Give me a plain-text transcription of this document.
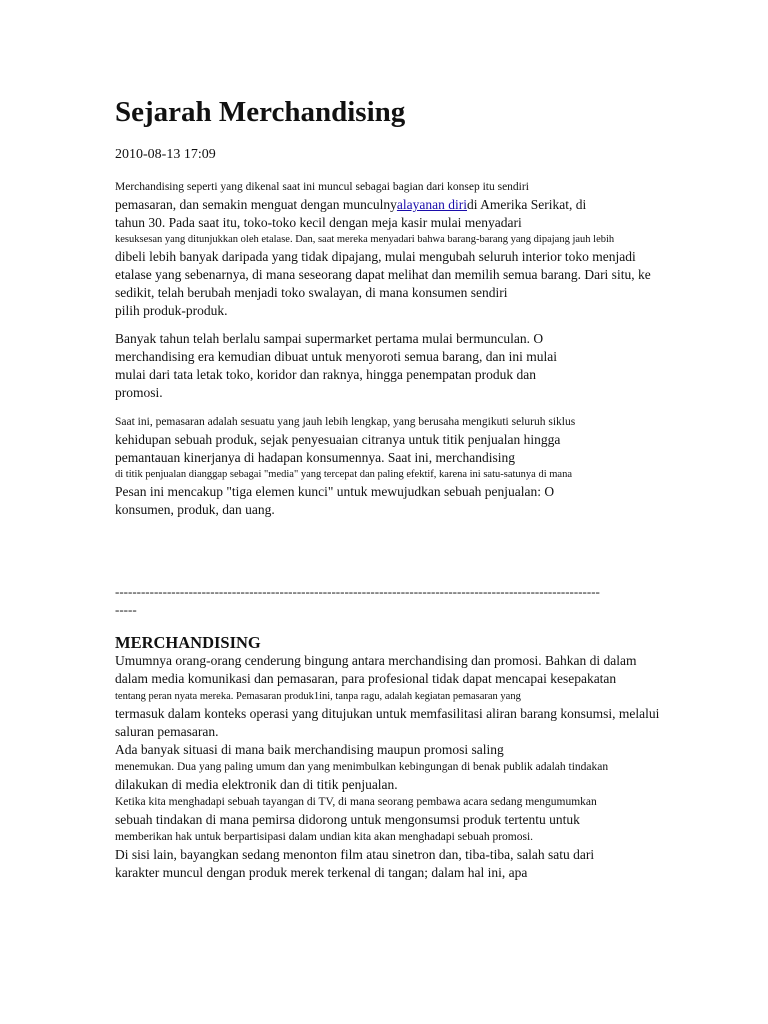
Sejarah Merchandising
2010-08-13 17:09
Merchandising seperti yang dikenal saat ini muncul sebagai bagian dari konsep itu sendiri
pemasaran, dan semakin menguat dengan munculnyalayanan diridi Amerika Serikat, di
tahun 30. Pada saat itu, toko-toko kecil dengan meja kasir mulai menyadari
kesuksesan yang ditunjukkan oleh etalase. Dan, saat mereka menyadari bahwa barang-barang yang dipajang jauh lebih
dibeli lebih banyak daripada yang tidak dipajang, mulai mengubah seluruh interior toko menjadi
etalase yang sebenarnya, di mana seseorang dapat melihat dan memilih semua barang. Dari situ, ke
sedikit, telah berubah menjadi toko swalayan, di mana konsumen sendiri
pilih produk-produk.
Banyak tahun telah berlalu sampai supermarket pertama mulai bermunculan. O
merchandising era kemudian dibuat untuk menyoroti semua barang, dan ini mulai
mulai dari tata letak toko, koridor dan raknya, hingga penempatan produk dan
promosi.
Saat ini, pemasaran adalah sesuatu yang jauh lebih lengkap, yang berusaha mengikuti seluruh siklus
kehidupan sebuah produk, sejak penyesuaian citranya untuk titik penjualan hingga
pemantauan kinerjanya di hadapan konsumennya. Saat ini, merchandising
di titik penjualan dianggap sebagai "media" yang tercepat dan paling efektif, karena ini satu-satunya di mana
Pesan ini mencakup "tiga elemen kunci" untuk mewujudkan sebuah penjualan: O
konsumen, produk, dan uang.
----------------------------------------------------------------------------------------------------------------
-----
MERCHANDISING
Umumnya orang-orang cenderung bingung antara merchandising dan promosi. Bahkan di dalam
dalam media komunikasi dan pemasaran, para profesional tidak dapat mencapai kesepakatan
tentang peran nyata mereka. Pemasaran produk1ini, tanpa ragu, adalah kegiatan pemasaran yang
termasuk dalam konteks operasi yang ditujukan untuk memfasilitasi aliran barang konsumsi, melalui
saluran pemasaran.
Ada banyak situasi di mana baik merchandising maupun promosi saling
menemukan. Dua yang paling umum dan yang menimbulkan kebingungan di benak publik adalah tindakan
dilakukan di media elektronik dan di titik penjualan.
Ketika kita menghadapi sebuah tayangan di TV, di mana seorang pembawa acara sedang mengumumkan
sebuah tindakan di mana pemirsa didorong untuk mengonsumsi produk tertentu untuk
memberikan hak untuk berpartisipasi dalam undian kita akan menghadapi sebuah promosi.
Di sisi lain, bayangkan sedang menonton film atau sinetron dan, tiba-tiba, salah satu dari
karakter muncul dengan produk merek terkenal di tangan; dalam hal ini, apa
